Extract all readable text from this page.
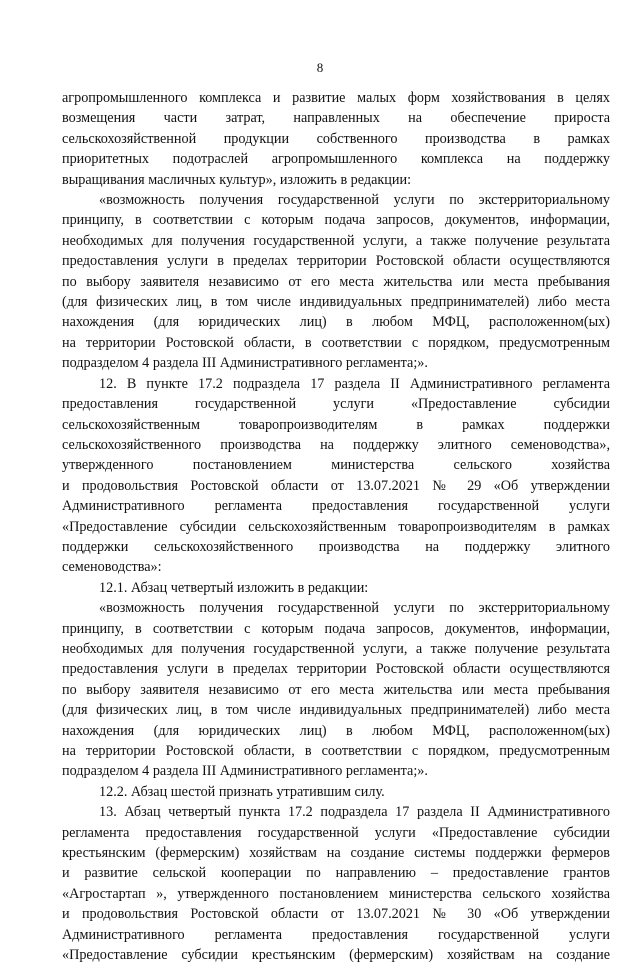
8
агропромышленного комплекса и развитие малых форм хозяйствования в целях
возмещения части затрат, направленных на обеспечение прироста
сельскохозяйственной продукции собственного производства в рамках
приоритетных подотраслей агропромышленного комплекса на поддержку
выращивания масличных культур», изложить в редакции:
«возможность получения государственной услуги по экстерриториальному
принципу, в соответствии с которым подача запросов, документов, информации,
необходимых для получения государственной услуги, а также получение результата
предоставления услуги в пределах территории Ростовской области осуществляются
по выбору заявителя независимо от его места жительства или места пребывания
(для физических лиц, в том числе индивидуальных предпринимателей) либо места
нахождения (для юридических лиц) в любом МФЦ, расположенном(ых)
на территории Ростовской области, в соответствии с порядком, предусмотренным
подразделом 4 раздела III Административного регламента;».
12. В пункте 17.2 подраздела 17 раздела II Административного регламента
предоставления государственной услуги «Предоставление субсидии
сельскохозяйственным товаропроизводителям в рамках поддержки
сельскохозяйственного производства на поддержку элитного семеноводства»,
утвержденного постановлением министерства сельского хозяйства
и продовольствия Ростовской области от 13.07.2021 № 29 «Об утверждении
Административного регламента предоставления государственной услуги
«Предоставление субсидии сельскохозяйственным товаропроизводителям в рамках
поддержки сельскохозяйственного производства на поддержку элитного
семеноводства»:
12.1. Абзац четвертый изложить в редакции:
«возможность получения государственной услуги по экстерриториальному
принципу, в соответствии с которым подача запросов, документов, информации,
необходимых для получения государственной услуги, а также получение результата
предоставления услуги в пределах территории Ростовской области осуществляются
по выбору заявителя независимо от его места жительства или места пребывания
(для физических лиц, в том числе индивидуальных предпринимателей) либо места
нахождения (для юридических лиц) в любом МФЦ, расположенном(ых)
на территории Ростовской области, в соответствии с порядком, предусмотренным
подразделом 4 раздела III Административного регламента;».
12.2. Абзац шестой признать утратившим силу.
13. Абзац четвертый пункта 17.2 подраздела 17 раздела II Административного
регламента предоставления государственной услуги «Предоставление субсидии
крестьянским (фермерским) хозяйствам на создание системы поддержки фермеров
и развитие сельской кооперации по направлению – предоставление грантов
«Агростартап », утвержденного постановлением министерства сельского хозяйства
и продовольствия Ростовской области от 13.07.2021 № 30 «Об утверждении
Административного регламента предоставления государственной услуги
«Предоставление субсидии крестьянским (фермерским) хозяйствам на создание
